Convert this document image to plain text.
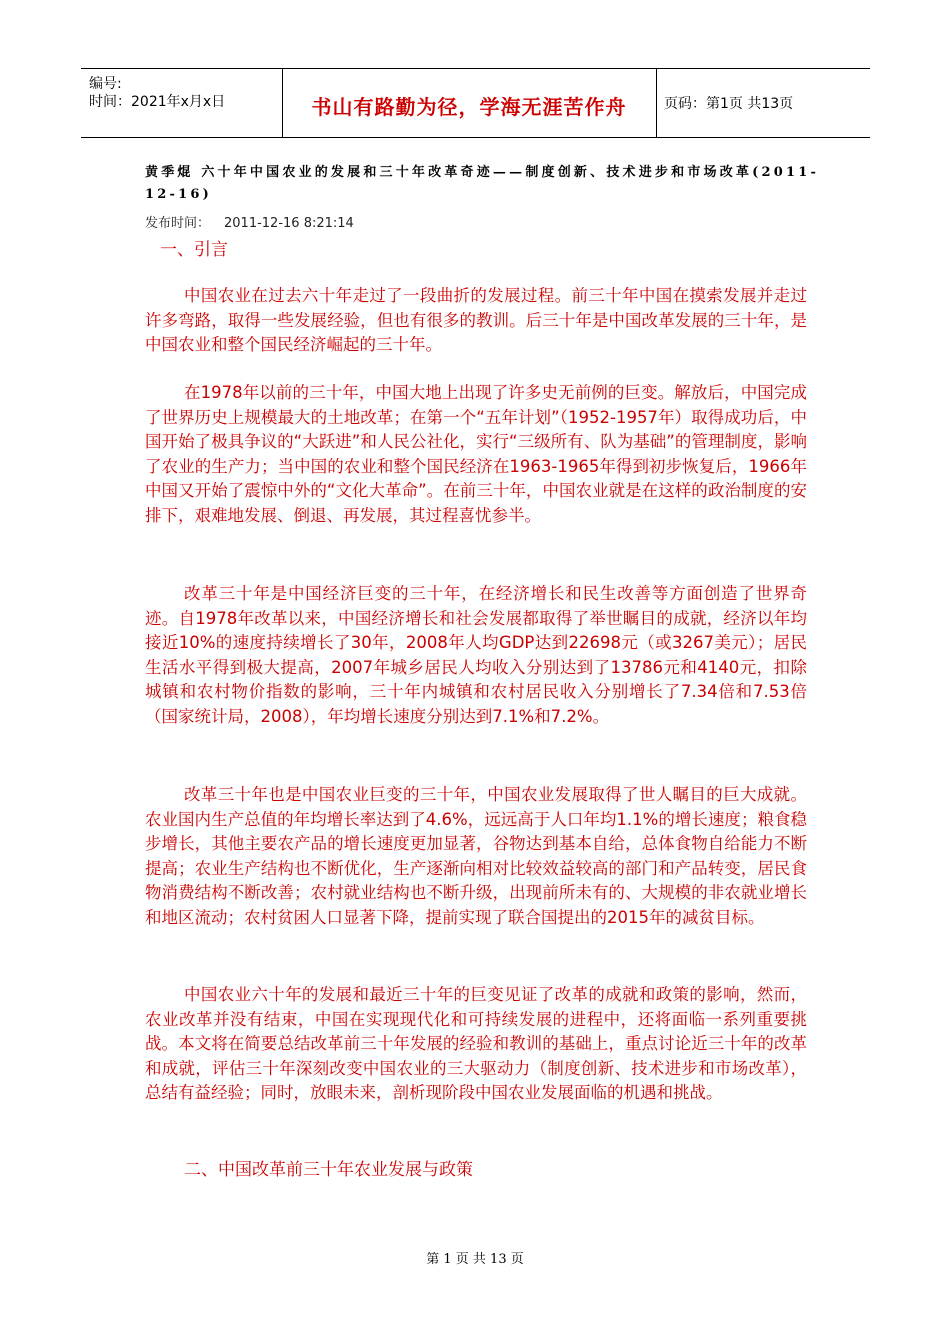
编号:
时间：2021年x月x日	书山有路勤为径，学海无涯苦作舟	页码：第1页 共13页
黄季焜 六十年中国农业的发展和三十年改革奇迹——制度创新、技术进步和市场改革(2011-12-16)
发布时间： 2011-12-16 8:21:14
一、引言
中国农业在过去六十年走过了一段曲折的发展过程。前三十年中国在摸索发展并走过许多弯路，取得一些发展经验，但也有很多的教训。后三十年是中国改革发展的三十年，是中国农业和整个国民经济崛起的三十年。
在1978年以前的三十年，中国大地上出现了许多史无前例的巨变。解放后，中国完成了世界历史上规模最大的土地改革；在第一个“五年计划”（1952-1957年）取得成功后，中国开始了极具争议的“大跃进”和人民公社化，实行“三级所有、队为基础”的管理制度，影响了农业的生产力；当中国的农业和整个国民经济在1963-1965年得到初步恢复后，1966年中国又开始了震惊中外的“文化大革命”。在前三十年，中国农业就是在这样的政治制度的安排下，艰难地发展、倒退、再发展，其过程喜忧参半。
改革三十年是中国经济巨变的三十年，在经济增长和民生改善等方面创造了世界奇迹。自1978年改革以来，中国经济增长和社会发展都取得了举世瞩目的成就，经济以年均接近10%的速度持续增长了30年，2008年人均GDP达到22698元（或3267美元）；居民生活水平得到极大提高，2007年城乡居民人均收入分别达到了13786元和4140元，扣除城镇和农村物价指数的影响，三十年内城镇和农村居民收入分别增长了7.34倍和7.53倍（国家统计局，2008），年均增长速度分别达到7.1%和7.2%。
改革三十年也是中国农业巨变的三十年，中国农业发展取得了世人瞩目的巨大成就。农业国内生产总值的年均增长率达到了4.6%，远远高于人口年均1.1%的增长速度；粮食稳步增长，其他主要农产品的增长速度更加显著，谷物达到基本自给，总体食物自给能力不断提高；农业生产结构也不断优化，生产逐渐向相对比较效益较高的部门和产品转变，居民食物消费结构不断改善；农村就业结构也不断升级，出现前所未有的、大规模的非农就业增长和地区流动；农村贫困人口显著下降，提前实现了联合国提出的2015年的减贫目标。
中国农业六十年的发展和最近三十年的巨变见证了改革的成就和政策的影响，然而，农业改革并没有结束，中国在实现现代化和可持续发展的进程中，还将面临一系列重要挑战。本文将在简要总结改革前三十年发展的经验和教训的基础上，重点讨论近三十年的改革和成就，评估三十年深刻改变中国农业的三大驱动力（制度创新、技术进步和市场改革），总结有益经验；同时，放眼未来，剖析现阶段中国农业发展面临的机遇和挑战。
二、中国改革前三十年农业发展与政策
第 1 页 共 13 页
